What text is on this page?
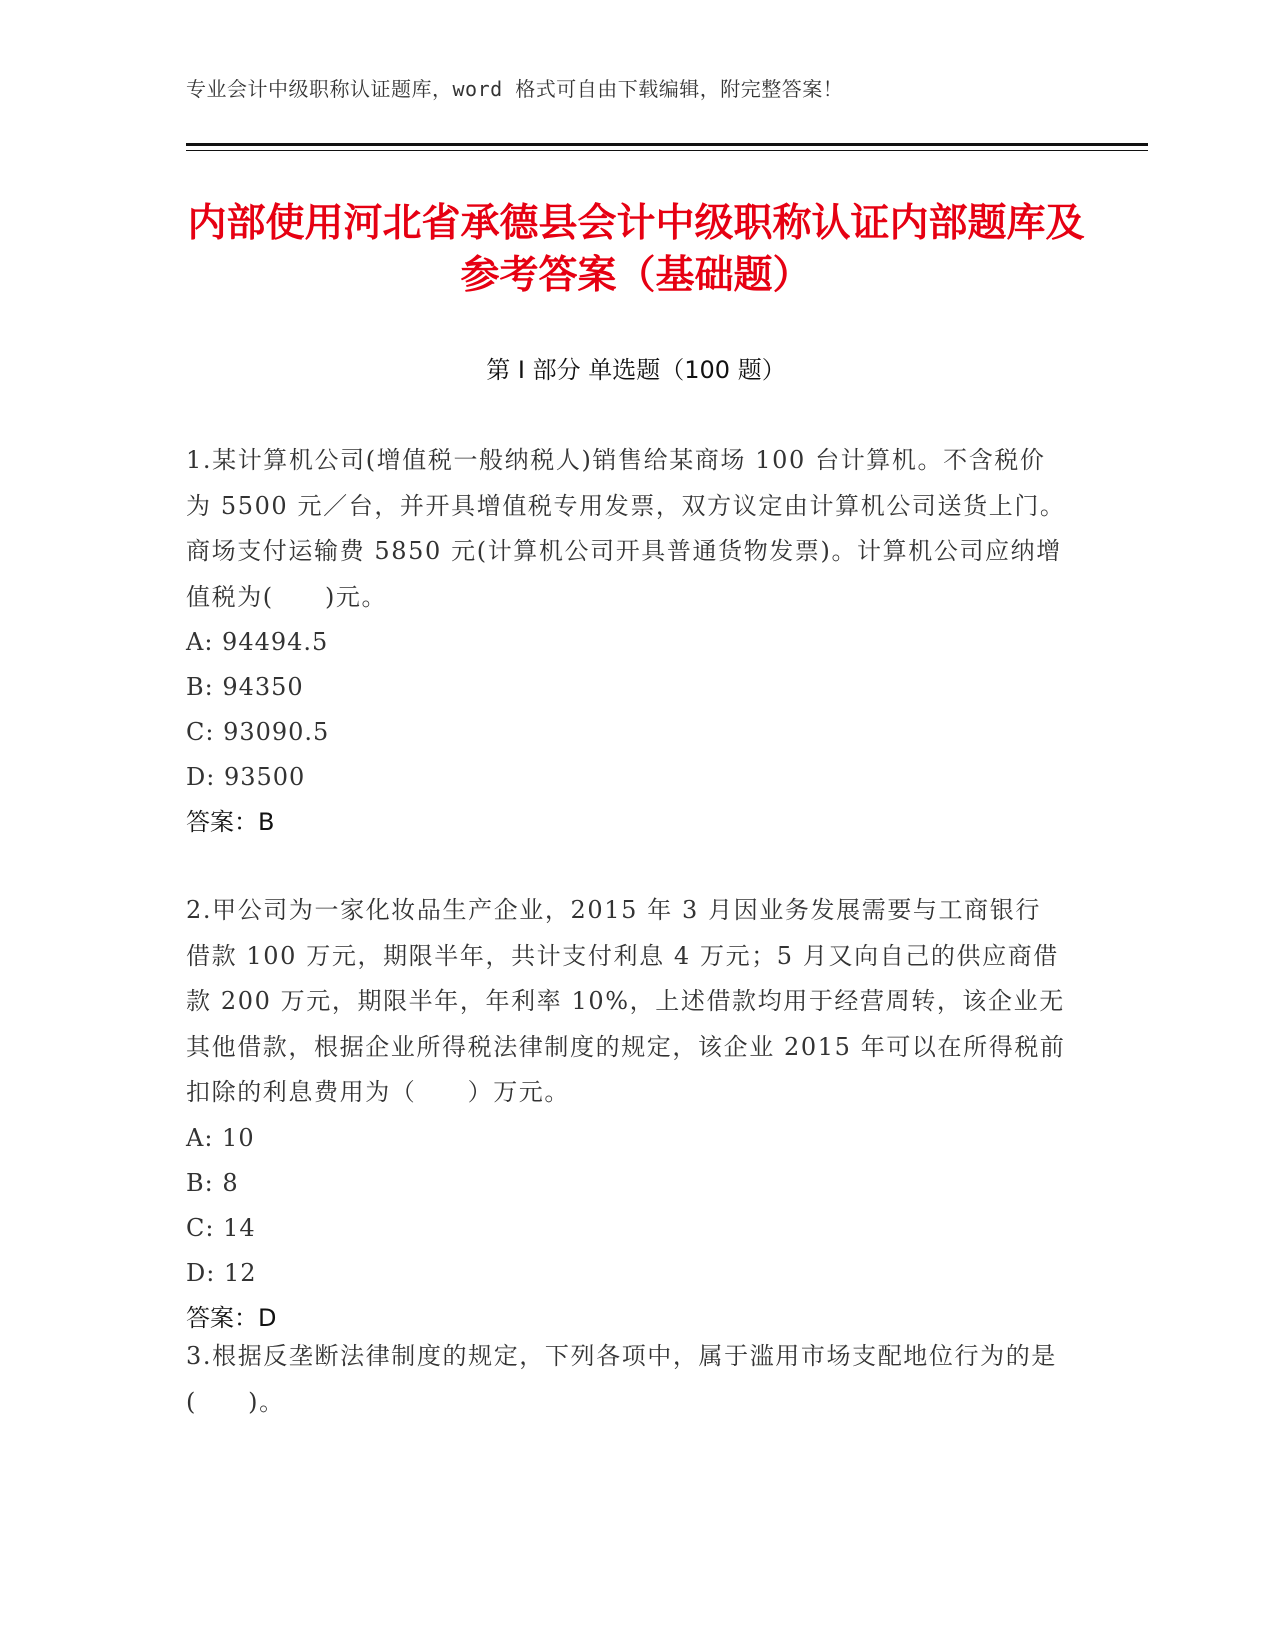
专业会计中级职称认证题库，word 格式可自由下载编辑，附完整答案！
内部使用河北省承德县会计中级职称认证内部题库及参考答案（基础题）
第 I 部分 单选题（100 题）
1.某计算机公司(增值税一般纳税人)销售给某商场 100 台计算机。不含税价为 5500 元／台，并开具增值税专用发票，双方议定由计算机公司送货上门。商场支付运输费 5850 元(计算机公司开具普通货物发票)。计算机公司应纳增值税为(　　)元。
A: 94494.5
B: 94350
C: 93090.5
D: 93500
答案：B
2.甲公司为一家化妆品生产企业，2015 年 3 月因业务发展需要与工商银行借款 100 万元，期限半年，共计支付利息 4 万元；5 月又向自己的供应商借款 200 万元，期限半年，年利率 10%，上述借款均用于经营周转，该企业无其他借款，根据企业所得税法律制度的规定，该企业 2015 年可以在所得税前扣除的利息费用为（　　）万元。
A: 10
B: 8
C: 14
D: 12
答案：D
3.根据反垄断法律制度的规定，下列各项中，属于滥用市场支配地位行为的是(　　)。
